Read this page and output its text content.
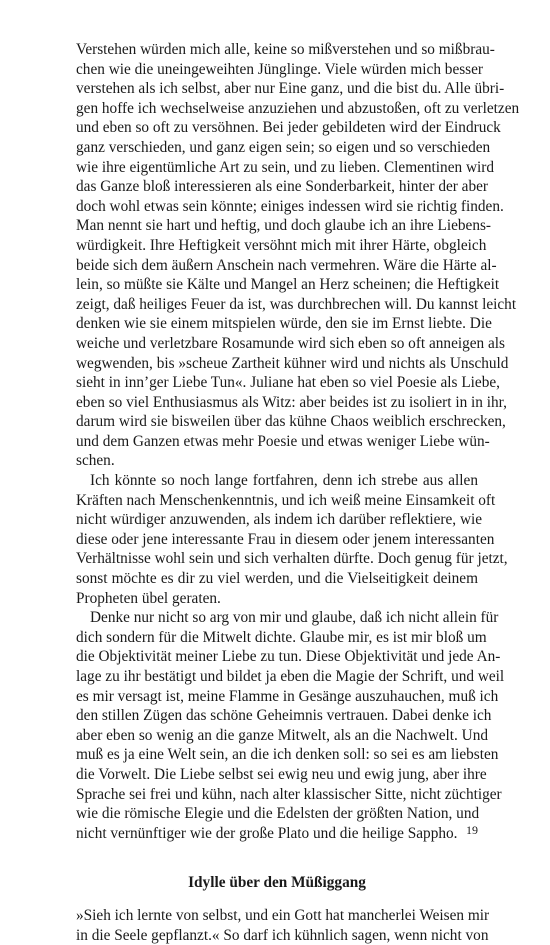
Verstehen würden mich alle, keine so mißverstehen und so mißbrau-
chen wie die uneingeweihten Jünglinge. Viele würden mich besser
verstehen als ich selbst, aber nur Eine ganz, und die bist du. Alle übri-
gen hoffe ich wechselweise anzuziehen und abzustoßen, oft zu verletzen
und eben so oft zu versöhnen. Bei jeder gebildeten wird der Eindruck
ganz verschieden, und ganz eigen sein; so eigen und so verschieden
wie ihre eigentümliche Art zu sein, und zu lieben. Clementinen wird
das Ganze bloß interessieren als eine Sonderbarkeit, hinter der aber
doch wohl etwas sein könnte; einiges indessen wird sie richtig finden.
Man nennt sie hart und heftig, und doch glaube ich an ihre Liebens-
würdigkeit. Ihre Heftigkeit versöhnt mich mit ihrer Härte, obgleich
beide sich dem äußern Anschein nach vermehren. Wäre die Härte al-
lein, so müßte sie Kälte und Mangel an Herz scheinen; die Heftigkeit
zeigt, daß heiliges Feuer da ist, was durchbrechen will. Du kannst leicht
denken wie sie einem mitspielen würde, den sie im Ernst liebte. Die
weiche und verletzbare Rosamunde wird sich eben so oft anneigen als
wegwenden, bis »scheue Zartheit kühner wird und nichts als Unschuld
sieht in inn’ger Liebe Tun«. Juliane hat eben so viel Poesie als Liebe,
eben so viel Enthusiasmus als Witz: aber beides ist zu isoliert in in ihr,
darum wird sie bisweilen über das kühne Chaos weiblich erschrecken,
und dem Ganzen etwas mehr Poesie und etwas weniger Liebe wün-
schen.
Ich könnte so noch lange fortfahren, denn ich strebe aus allen
Kräften nach Menschenkenntnis, und ich weiß meine Einsamkeit oft
nicht würdiger anzuwenden, als indem ich darüber reflektiere, wie
diese oder jene interessante Frau in diesem oder jenem interessanten
Verhältnisse wohl sein und sich verhalten dürfte. Doch genug für jetzt,
sonst möchte es dir zu viel werden, und die Vielseitigkeit deinem
Propheten übel geraten.
Denke nur nicht so arg von mir und glaube, daß ich nicht allein für
dich sondern für die Mitwelt dichte. Glaube mir, es ist mir bloß um
die Objektivität meiner Liebe zu tun. Diese Objektivität und jede An-
lage zu ihr bestätigt und bildet ja eben die Magie der Schrift, und weil
es mir versagt ist, meine Flamme in Gesänge auszuhauchen, muß ich
den stillen Zügen das schöne Geheimnis vertrauen. Dabei denke ich
aber eben so wenig an die ganze Mitwelt, als an die Nachwelt. Und
muß es ja eine Welt sein, an die ich denken soll: so sei es am liebsten
die Vorwelt. Die Liebe selbst sei ewig neu und ewig jung, aber ihre
Sprache sei frei und kühn, nach alter klassischer Sitte, nicht züchtiger
wie die römische Elegie und die Edelsten der größten Nation, und
nicht vernünftiger wie der große Plato und die heilige Sappho.
Idylle über den Müßiggang
»Sieh ich lernte von selbst, und ein Gott hat mancherlei Weisen mir
in die Seele gepflanzt.« So darf ich kühnlich sagen, wenn nicht von
19
